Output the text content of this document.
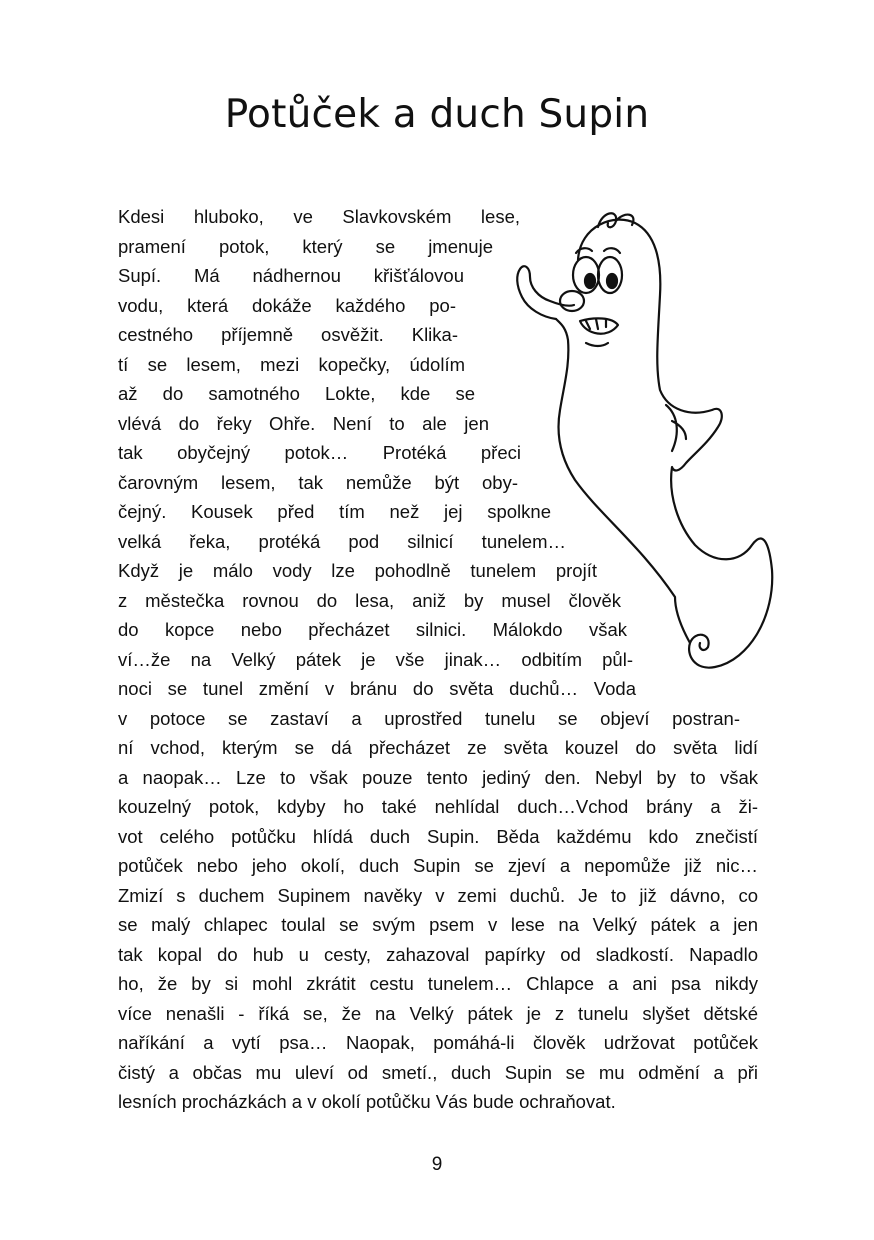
Potůček a duch Supin
Kdesi hluboko, ve Slavkovském lese,
pramení potok, který se jmenuje
Supí. Má nádhernou křišťálovou
vodu, která dokáže každého po-
cestného příjemně osvěžit. Klika-
tí se lesem, mezi kopečky, údolím
až do samotného Lokte, kde se
vlévá do řeky Ohře. Není to ale jen
tak obyčejný potok… Protéká přeci
čarovným lesem, tak nemůže být oby-
čejný. Kousek před tím než jej spolkne
velká řeka, protéká pod silnicí tunelem…
Když je málo vody lze pohodlně tunelem projít
z městečka rovnou do lesa, aniž by musel člověk
do kopce nebo přecházet silnici. Málokdo však
ví…že na Velký pátek je vše jinak… odbitím půl-
noci se tunel změní v bránu do světa duchů… Voda
v potoce se zastaví a uprostřed tunelu se objeví postran-
ní vchod, kterým se dá přecházet ze světa kouzel do světa lidí
a naopak… Lze to však pouze tento jediný den. Nebyl by to však
kouzelný potok, kdyby ho také nehlídal duch…Vchod brány a ži-
vot celého potůčku hlídá duch Supin. Běda každému kdo znečistí
potůček nebo jeho okolí, duch Supin se zjeví a nepomůže již nic…
Zmizí s duchem Supinem navěky v zemi duchů. Je to již dávno, co
se malý chlapec toulal se svým psem v lese na Velký pátek a jen
tak kopal do hub u cesty, zahazoval papírky od sladkostí. Napadlo
ho, že by si mohl zkrátit cestu tunelem… Chlapce a ani psa nikdy
více nenašli - říká se, že na Velký pátek je z tunelu slyšet dětské
naříkání a vytí psa… Naopak, pomáhá-li člověk udržovat potůček
čistý a občas mu uleví od smetí., duch Supin se mu odmění a při
lesních procházkách a v okolí potůčku Vás bude ochraňovat.
9
